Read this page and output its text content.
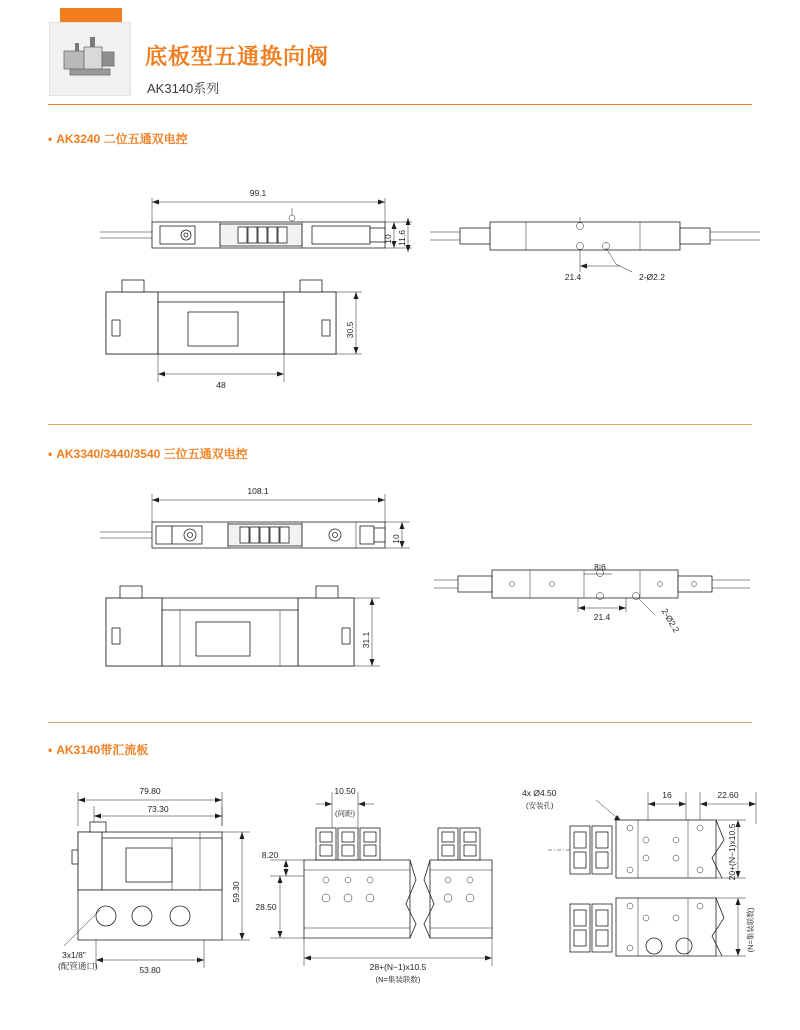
底板型五通换向阀
AK3140系列
• AK3240 二位五通双电控
99.1
10 11.6
30.5
48
21.4	2-Ø2.2
• AK3340/3440/3540 三位五通双电控
108.1
10
31.1
8.6
21.4	2-Ø2.2
• AK3140带汇流板
79.80
73.30
59.30
53.80
3x1/8"
(配管通口)
10.50
(间距)
8.20
28.50
28+(N−1)x10.5
(N=集装联数)
4x Ø4.50
(安装孔)
16	22.60
20+(N−1)x10.5
(N=集装联数)
